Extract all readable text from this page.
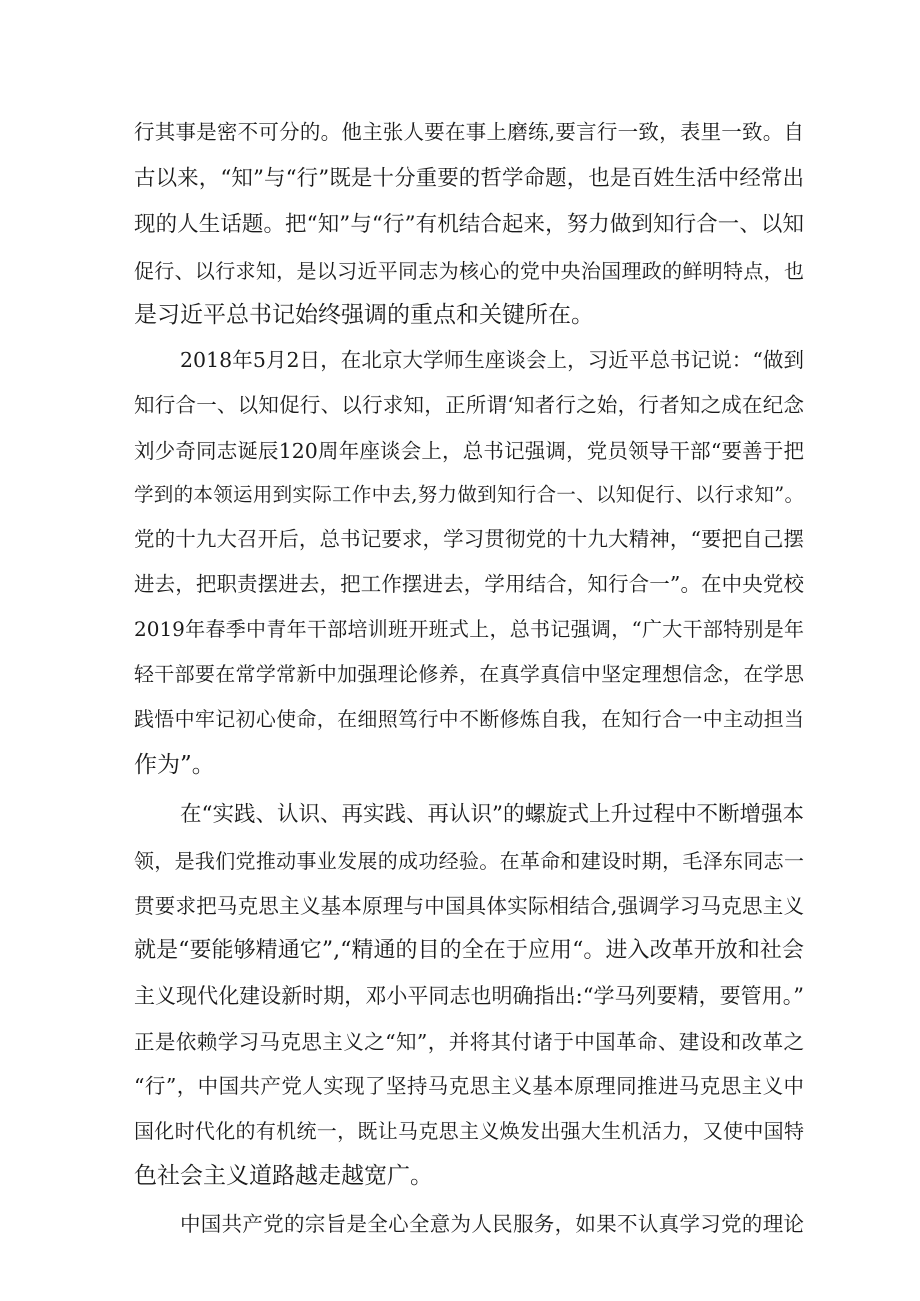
行其事是密不可分的。他主张人要在事上磨练,要言行一致，表里一致。自
古以来，“知”与“行”既是十分重要的哲学命题，也是百姓生活中经常出
现的人生话题。把“知”与“行”有机结合起来，努力做到知行合一、以知
促行、以行求知，是以习近平同志为核心的党中央治国理政的鲜明特点，也
是习近平总书记始终强调的重点和关键所在。
2018年5月2日，在北京大学师生座谈会上，习近平总书记说：“做到
知行合一、以知促行、以行求知，正所谓‘知者行之始，行者知之成在纪念
刘少奇同志诞辰120周年座谈会上，总书记强调，党员领导干部“要善于把
学到的本领运用到实际工作中去,努力做到知行合一、以知促行、以行求知”。
党的十九大召开后，总书记要求，学习贯彻党的十九大精神，“要把自己摆
进去，把职责摆进去，把工作摆进去，学用结合，知行合一”。在中央党校
2019年春季中青年干部培训班开班式上，总书记强调，“广大干部特别是年
轻干部要在常学常新中加强理论修养，在真学真信中坚定理想信念，在学思
践悟中牢记初心使命，在细照笃行中不断修炼自我，在知行合一中主动担当
作为”。
在“实践、认识、再实践、再认识”的螺旋式上升过程中不断增强本
领，是我们党推动事业发展的成功经验。在革命和建设时期，毛泽东同志一
贯要求把马克思主义基本原理与中国具体实际相结合,强调学习马克思主义
就是“要能够精通它”,“精通的目的全在于应用“。进入改革开放和社会
主义现代化建设新时期，邓小平同志也明确指出:“学马列要精，要管用。”
正是依赖学习马克思主义之“知”，并将其付诸于中国革命、建设和改革之
“行”，中国共产党人实现了坚持马克思主义基本原理同推进马克思主义中
国化时代化的有机统一，既让马克思主义焕发出强大生机活力，又使中国特
色社会主义道路越走越宽广。
中国共产党的宗旨是全心全意为人民服务，如果不认真学习党的理论
